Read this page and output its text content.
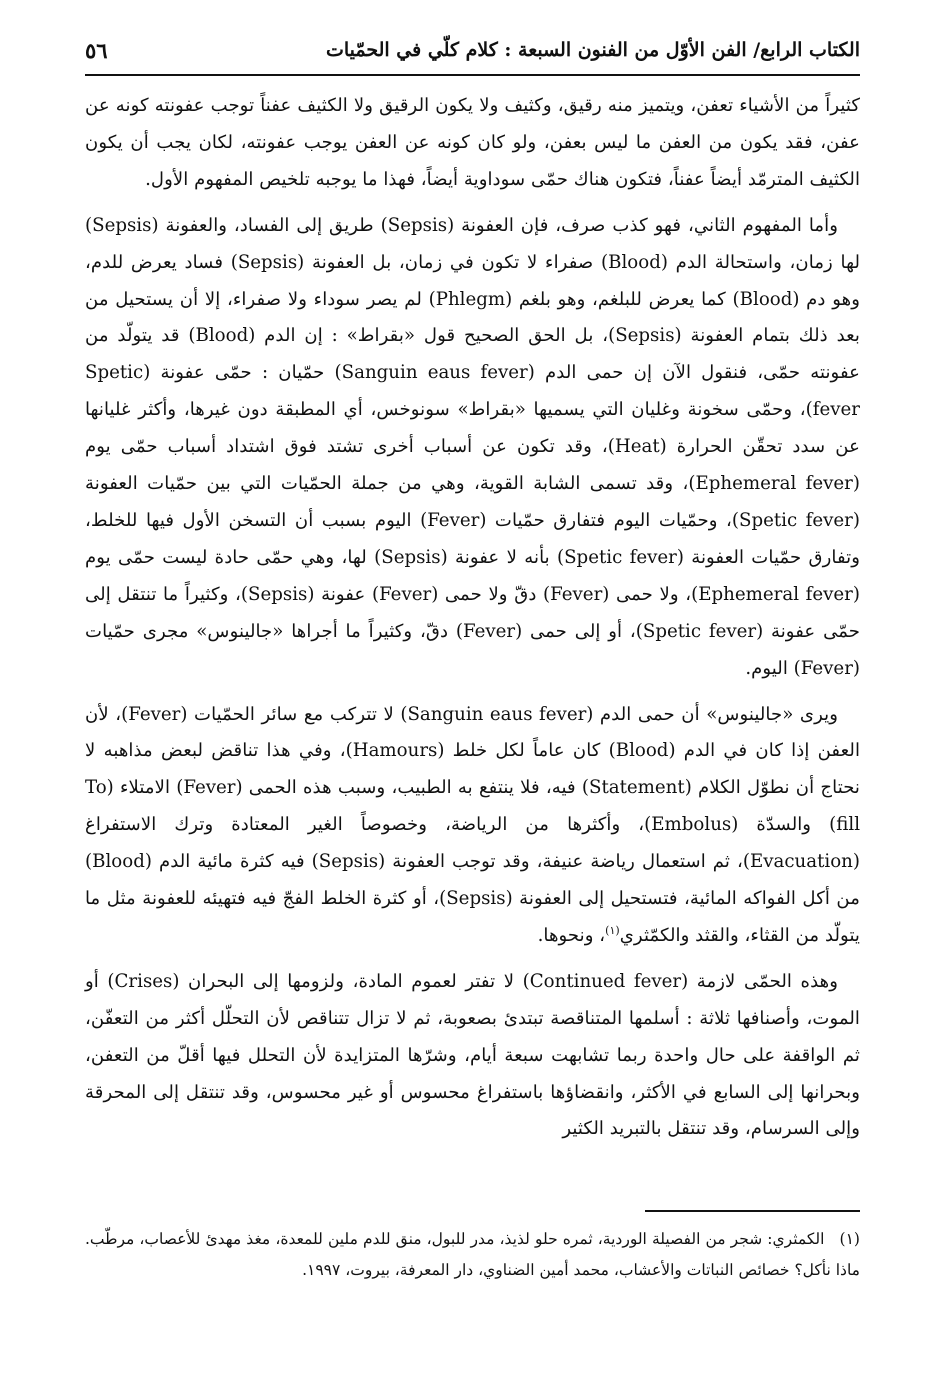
الكتاب الرابع/ الفن الأوّل من الفنون السبعة : كلام كلّي في الحمّيات
٥٦

كثيراً من الأشياء تعفن، ويتميز منه رقيق، وكثيف ولا يكون الرقيق ولا الكثيف عفناً توجب عفونته كونه عن عفن، فقد يكون من العفن ما ليس بعفن، ولو كان كونه عن العفن يوجب عفونته، لكان يجب أن يكون الكثيف المترمّد أيضاً عفناً، فتكون هناك حمّى سوداوية أيضاً، فهذا ما يوجبه تلخيص المفهوم الأول.

وأما المفهوم الثاني، فهو كذب صرف، فإن العفونة (Sepsis) طريق إلى الفساد، والعفونة (Sepsis) لها زمان، واستحالة الدم (Blood) صفراء لا تكون في زمان، بل العفونة (Sepsis) فساد يعرض للدم، وهو دم (Blood) كما يعرض للبلغم، وهو بلغم (Phlegm) لم يصر سوداء ولا صفراء، إلا أن يستحيل من بعد ذلك بتمام العفونة (Sepsis)، بل الحق الصحيح قول «بقراط» : إن الدم (Blood) قد يتولّد من عفونته حمّى، فنقول الآن إن حمى الدم (Sanguin eaus fever) حمّيان : حمّى عفونة (Spetic fever)، وحمّى سخونة وغليان التي يسميها «بقراط» سونوخس، أي المطبقة دون غيرها، وأكثر غليانها عن سدد تحقّن الحرارة (Heat)، وقد تكون عن أسباب أخرى تشتد فوق اشتداد أسباب حمّى يوم (Ephemeral fever)، وقد تسمى الشابة القوية، وهي من جملة الحمّيات التي بين حمّيات العفونة (Spetic fever)، وحمّيات اليوم فتفارق حمّيات (Fever) اليوم بسبب أن التسخن الأول فيها للخلط، وتفارق حمّيات العفونة (Spetic fever) بأنه لا عفونة (Sepsis) لها، وهي حمّى حادة ليست حمّى يوم (Ephemeral fever)، ولا حمى (Fever) دقّ ولا حمى (Fever) عفونة (Sepsis)، وكثيراً ما تنتقل إلى حمّى عفونة (Spetic fever)، أو إلى حمى (Fever) دقّ، وكثيراً ما أجراها «جالينوس» مجرى حمّيات (Fever) اليوم.

ويرى «جالينوس» أن حمى الدم (Sanguin eaus fever) لا تتركب مع سائر الحمّيات (Fever)، لأن العفن إذا كان في الدم (Blood) كان عاماً لكل خلط (Hamours)، وفي هذا تناقض لبعض مذاهبه لا نحتاج أن نطوّل الكلام (Statement) فيه، فلا ينتفع به الطبيب، وسبب هذه الحمى (Fever) الامتلاء (To fill) والسدّة (Embolus)، وأكثرها من الرياضة، وخصوصاً الغير المعتادة وترك الاستفراغ (Evacuation)، ثم استعمال رياضة عنيفة، وقد توجب العفونة (Sepsis) فيه كثرة مائية الدم (Blood) من أكل الفواكه المائية، فتستحيل إلى العفونة (Sepsis)، أو كثرة الخلط الفجّ فيه فتهيئه للعفونة مثل ما يتولّد من القثاء، والقثد والكمّثري$^{(١)}$، ونحوها.

وهذه الحمّى لازمة (Continued fever) لا تفتر لعموم المادة، ولزومها إلى البحران (Crises) أو الموت، وأصنافها ثلاثة : أسلمها المتناقصة تبتدئ بصعوبة، ثم لا تزال تتناقص لأن التحلّل أكثر من التعفّن، ثم الواقفة على حال واحدة ربما تشابهت سبعة أيام، وشرّها المتزايدة لأن التحلل فيها أقلّ من التعفن، وبحرانها إلى السابع في الأكثر، وانقضاؤها باستفراغ محسوس أو غير محسوس، وقد تنتقل إلى المحرقة وإلى السرسام، وقد تنتقل بالتبريد الكثير

(١) الكمثري: شجر من الفصيلة الوردية، ثمره حلو لذيذ، مدر للبول، منق للدم ملين للمعدة، مغذ مهدئ للأعصاب، مرطّب. ماذا نأكل؟ خصائص النباتات والأعشاب، محمد أمين الضناوي، دار المعرفة، بيروت، ١٩٩٧.
